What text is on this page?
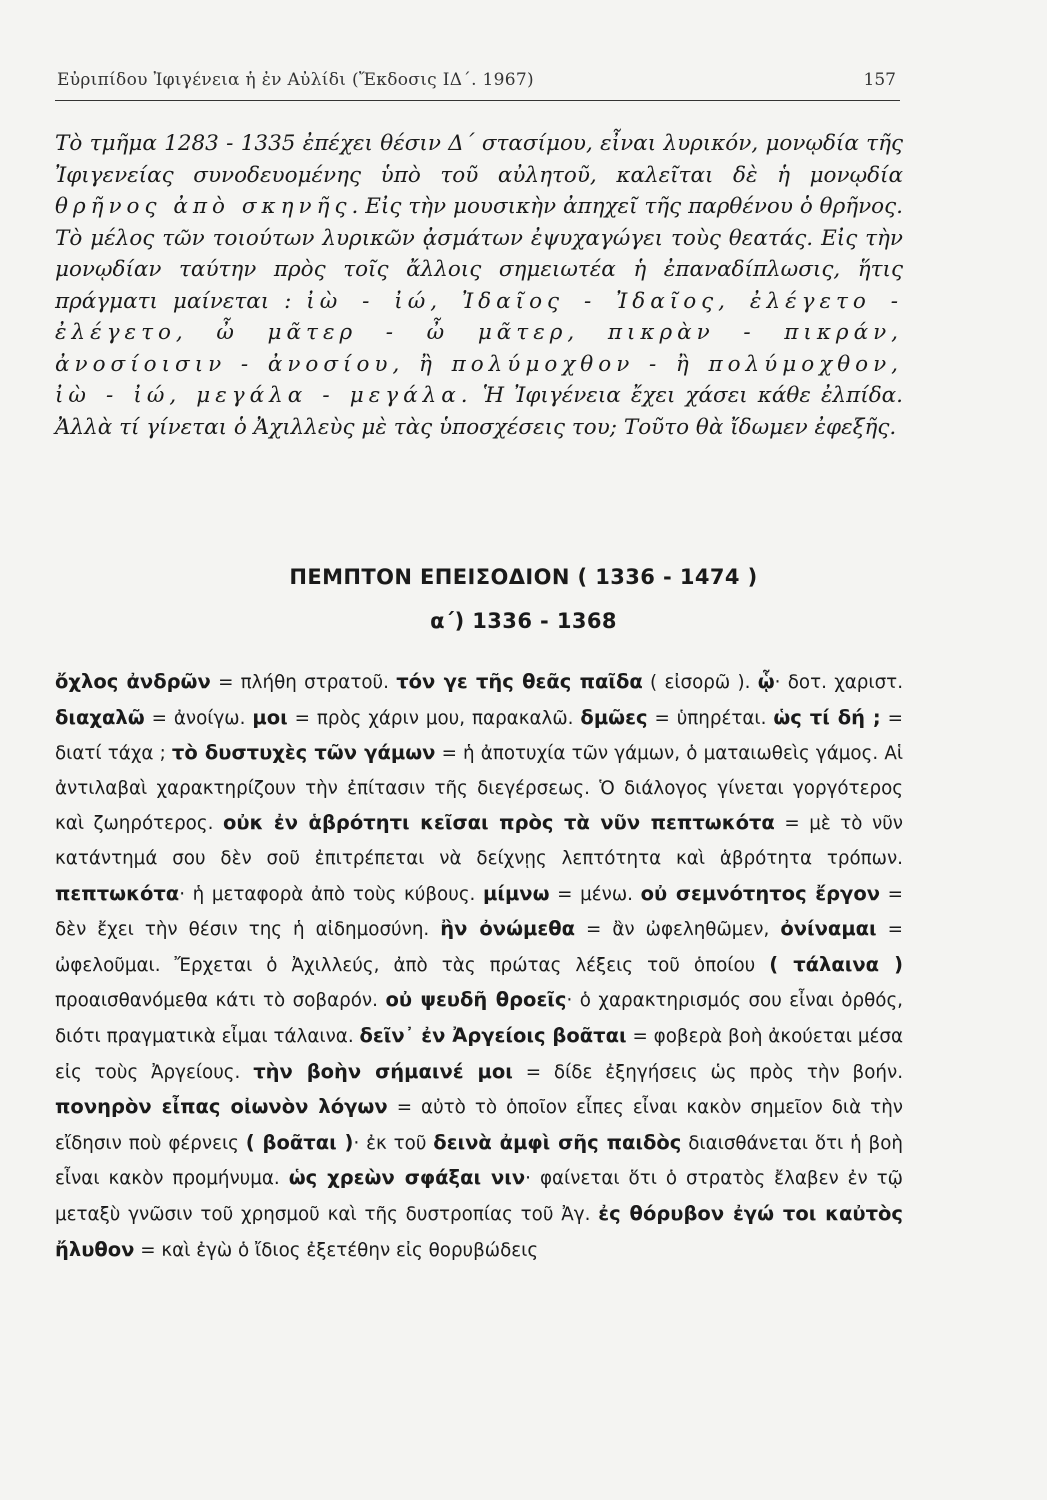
Εὐριπίδου Ἰφιγένεια ἡ ἐν Αὐλίδι (Ἔκδοσις ΙΔ΄. 1967)	157

Τὸ τμῆμα 1283 - 1335 ἐπέχει θέσιν Δ΄ στασίμου, εἶναι λυρικόν, μονῳδία τῆς Ἰφιγενείας συνοδευομένης ὑπὸ τοῦ αὐλητοῦ, καλεῖται δὲ ἡ μονῳδία θρῆνος ἀπὸ σκηνῆς. Εἰς τὴν μουσικὴν ἀπηχεῖ τῆς παρθένου ὁ θρῆνος. Τὸ μέλος τῶν τοιούτων λυρικῶν ᾀσμάτων ἐψυχαγώγει τοὺς θεατάς. Εἰς τὴν μονῳδίαν ταύτην πρὸς τοῖς ἄλλοις σημειωτέα ἡ ἐπαναδίπλωσις, ἥτις πράγματι μαίνεται : ἰὼ - ἰώ, Ἰδαῖος - Ἰδαῖος, ἐλέγετο - ἐλέγετο, ὦ μᾶτερ - ὦ μᾶτερ, πικρὰν - πικράν, ἀνοσίοισιν - ἀνοσίου, ἢ πολύμοχθον - ἢ πολύμοχθον, ἰὼ - ἰώ, μεγάλα - μεγάλα. Ἡ Ἰφιγένεια ἔχει χάσει κάθε ἐλπίδα. Ἀλλὰ τί γίνεται ὁ Ἀχιλλεὺς μὲ τὰς ὑποσχέσεις του; Τοῦτο θὰ ἴδωμεν ἐφεξῆς.

ΠΕΜΠΤΟΝ ΕΠΕΙΣΟΔΙΟΝ ( 1336 - 1474 )
α΄) 1336 - 1368

ὄχλος ἀνδρῶν = πλήθη στρατοῦ. τόν γε τῆς θεᾶς παῖδα ( εἰσορῶ ). ᾧ· δοτ. χαριστ. διαχαλῶ = ἀνοίγω. μοι = πρὸς χάριν μου, παρακαλῶ. δμῶες = ὑπηρέται. ὡς τί δή ; = διατί τάχα ; τὸ δυστυχὲς τῶν γάμων = ἡ ἀποτυχία τῶν γάμων, ὁ ματαιωθεὶς γάμος. Αἱ ἀντιλαβαὶ χαρακτηρίζουν τὴν ἐπίτασιν τῆς διεγέρσεως. Ὁ διάλογος γίνεται γοργότερος καὶ ζωηρότερος. οὐκ ἐν ἁβρότητι κεῖσαι πρὸς τὰ νῦν πεπτωκότα = μὲ τὸ νῦν κατάντημά σου δὲν σοῦ ἐπιτρέπεται νὰ δείχνῃς λεπτότητα καὶ ἁβρότητα τρόπων. πεπτωκότα· ἡ μεταφορὰ ἀπὸ τοὺς κύβους. μίμνω = μένω. οὐ σεμνότητος ἔργον = δὲν ἔχει τὴν θέσιν της ἡ αἰδημοσύνη. ἢν ὀνώμεθα = ἂν ὠφεληθῶμεν, ὀνίναμαι = ὠφελοῦμαι. Ἔρχεται ὁ Ἀχιλλεύς, ἀπὸ τὰς πρώτας λέξεις τοῦ ὁποίου ( τάλαινα ) προαισθανόμεθα κάτι τὸ σοβαρόν. οὐ ψευδῆ θροεῖς· ὁ χαρακτηρισμός σου εἶναι ὀρθός, διότι πραγματικὰ εἶμαι τάλαινα. δεῖν᾽ ἐν Ἀργείοις βοᾶται = φοβερὰ βοὴ ἀκούεται μέσα εἰς τοὺς Ἀργείους. τὴν βοὴν σήμαινέ μοι = δίδε ἐξηγήσεις ὡς πρὸς τὴν βοήν. πονηρὸν εἶπας οἰωνὸν λόγων = αὐτὸ τὸ ὁποῖον εἶπες εἶναι κακὸν σημεῖον διὰ τὴν εἴδησιν ποὺ φέρνεις ( βοᾶται )· ἐκ τοῦ δεινὰ ἀμφὶ σῆς παιδὸς διαισθάνεται ὅτι ἡ βοὴ εἶναι κακὸν προμήνυμα. ὡς χρεὼν σφάξαι νιν· φαίνεται ὅτι ὁ στρατὸς ἔλαβεν ἐν τῷ μεταξὺ γνῶσιν τοῦ χρησμοῦ καὶ τῆς δυστροπίας τοῦ Ἀγ. ἐς θόρυβον ἐγώ τοι καὐτὸς ἤλυθον = καὶ ἐγὼ ὁ ἴδιος ἐξετέθην εἰς θορυβώδεις
